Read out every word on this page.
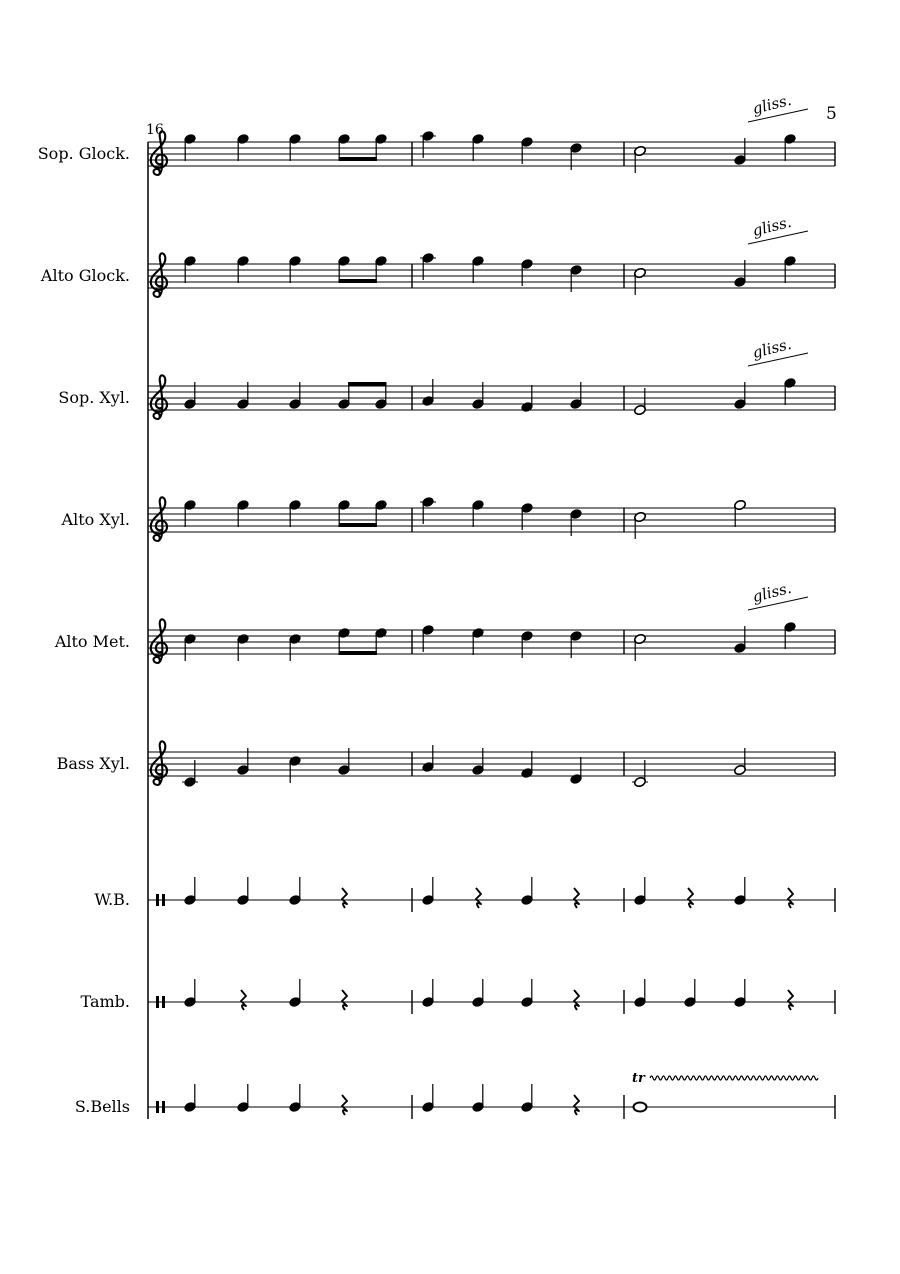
5
16
Sop. Glock.
gliss.
Alto Glock.
gliss.
Sop. Xyl.
gliss.
Alto Xyl.
Alto Met.
gliss.
Bass Xyl.
W.B.
Tamb.
S.Bells
tr
